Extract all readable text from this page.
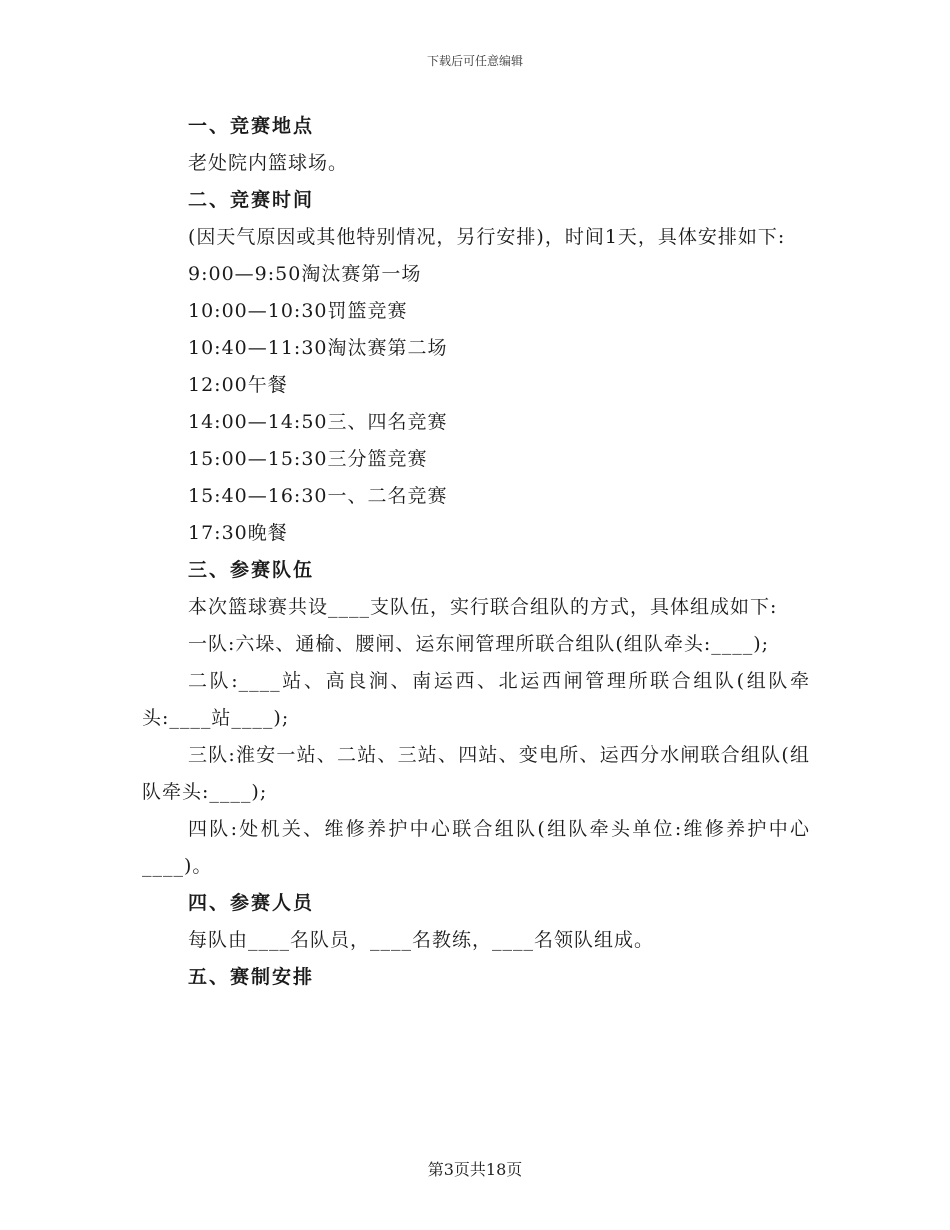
下载后可任意编辑

一、竞赛地点

老处院内篮球场。

二、竞赛时间

(因天气原因或其他特别情况，另行安排)，时间1天，具体安排如下:

9:00—9:50淘汰赛第一场

10:00—10:30罚篮竞赛

10:40—11:30淘汰赛第二场

12:00午餐

14:00—14:50三、四名竞赛

15:00—15:30三分篮竞赛

15:40—16:30一、二名竞赛

17:30晚餐

三、参赛队伍

本次篮球赛共设____支队伍，实行联合组队的方式，具体组成如下:

一队:六垛、通榆、腰闸、运东闸管理所联合组队(组队牵头:____);

二队:____站、高良涧、南运西、北运西闸管理所联合组队(组队牵头:____站____);

三队:淮安一站、二站、三站、四站、变电所、运西分水闸联合组队(组队牵头:____);

四队:处机关、维修养护中心联合组队(组队牵头单位:维修养护中心____)。

四、参赛人员

每队由____名队员，____名教练，____名领队组成。

五、赛制安排

第3页共18页
